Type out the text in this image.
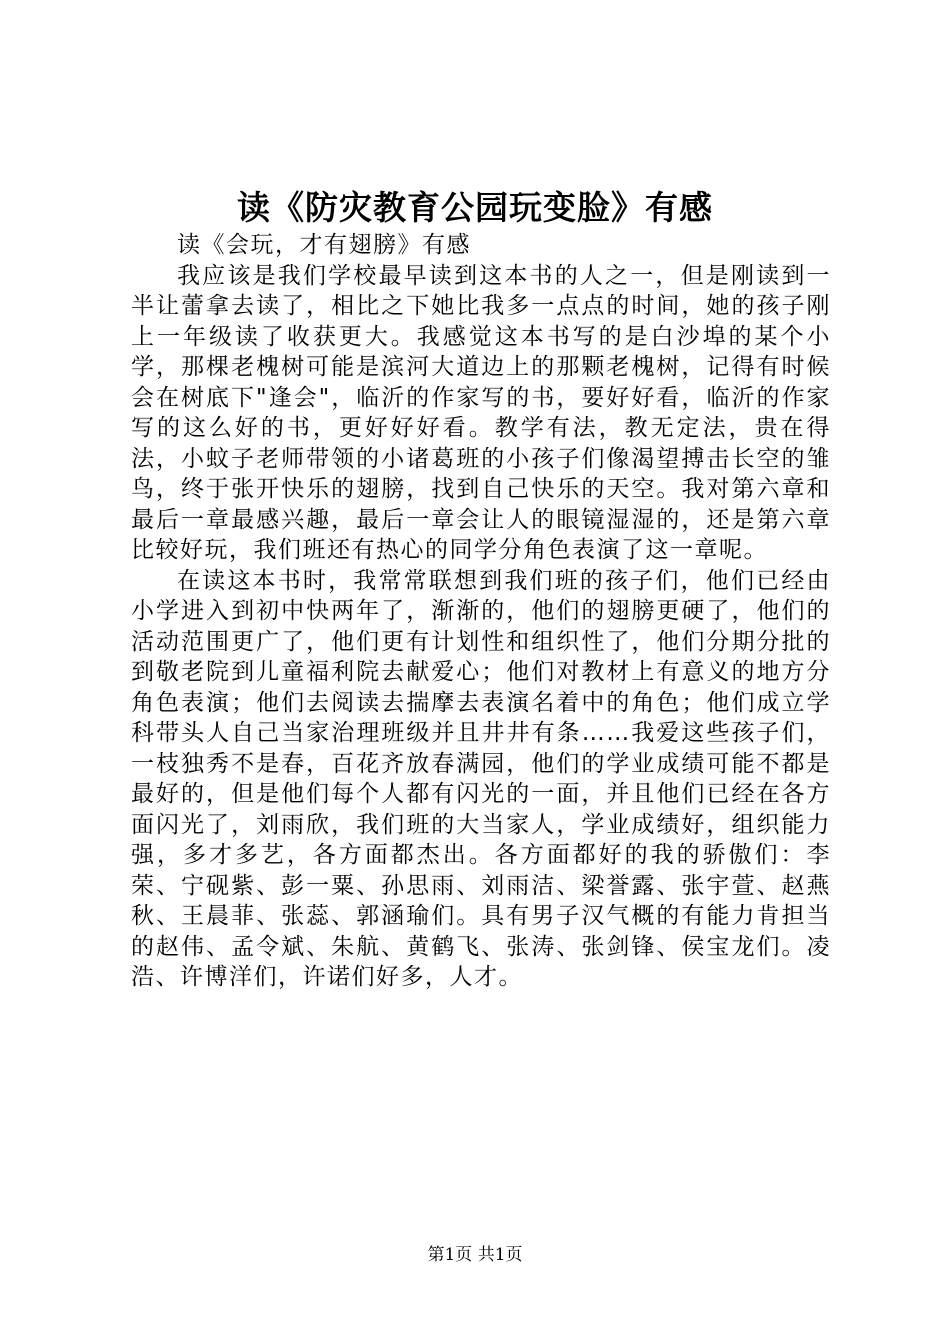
读《防灾教育公园玩变脸》有感

读《会玩，才有翅膀》有感

我应该是我们学校最早读到这本书的人之一，但是刚读到一半让蕾拿去读了，相比之下她比我多一点点的时间，她的孩子刚上一年级读了收获更大。我感觉这本书写的是白沙埠的某个小学，那棵老槐树可能是滨河大道边上的那颗老槐树，记得有时候会在树底下"逢会"，临沂的作家写的书，要好好看，临沂的作家写的这么好的书，更好好好看。教学有法，教无定法，贵在得法，小蚊子老师带领的小诸葛班的小孩子们像渴望搏击长空的雏鸟，终于张开快乐的翅膀，找到自己快乐的天空。我对第六章和最后一章最感兴趣，最后一章会让人的眼镜湿湿的，还是第六章比较好玩，我们班还有热心的同学分角色表演了这一章呢。

在读这本书时，我常常联想到我们班的孩子们，他们已经由小学进入到初中快两年了，渐渐的，他们的翅膀更硬了，他们的活动范围更广了，他们更有计划性和组织性了，他们分期分批的到敬老院到儿童福利院去献爱心；他们对教材上有意义的地方分角色表演；他们去阅读去揣摩去表演名着中的角色；他们成立学科带头人自己当家治理班级并且井井有条……我爱这些孩子们，一枝独秀不是春，百花齐放春满园，他们的学业成绩可能不都是最好的，但是他们每个人都有闪光的一面，并且他们已经在各方面闪光了，刘雨欣，我们班的大当家人，学业成绩好，组织能力强，多才多艺，各方面都杰出。各方面都好的我的骄傲们：李荣、宁砚紫、彭一粟、孙思雨、刘雨洁、梁誉露、张宇萱、赵燕秋、王晨菲、张蕊、郭涵瑜们。具有男子汉气概的有能力肯担当的赵伟、孟令斌、朱航、黄鹤飞、张涛、张剑锋、侯宝龙们。凌浩、许博洋们，许诺们好多，人才。

第1页 共1页
